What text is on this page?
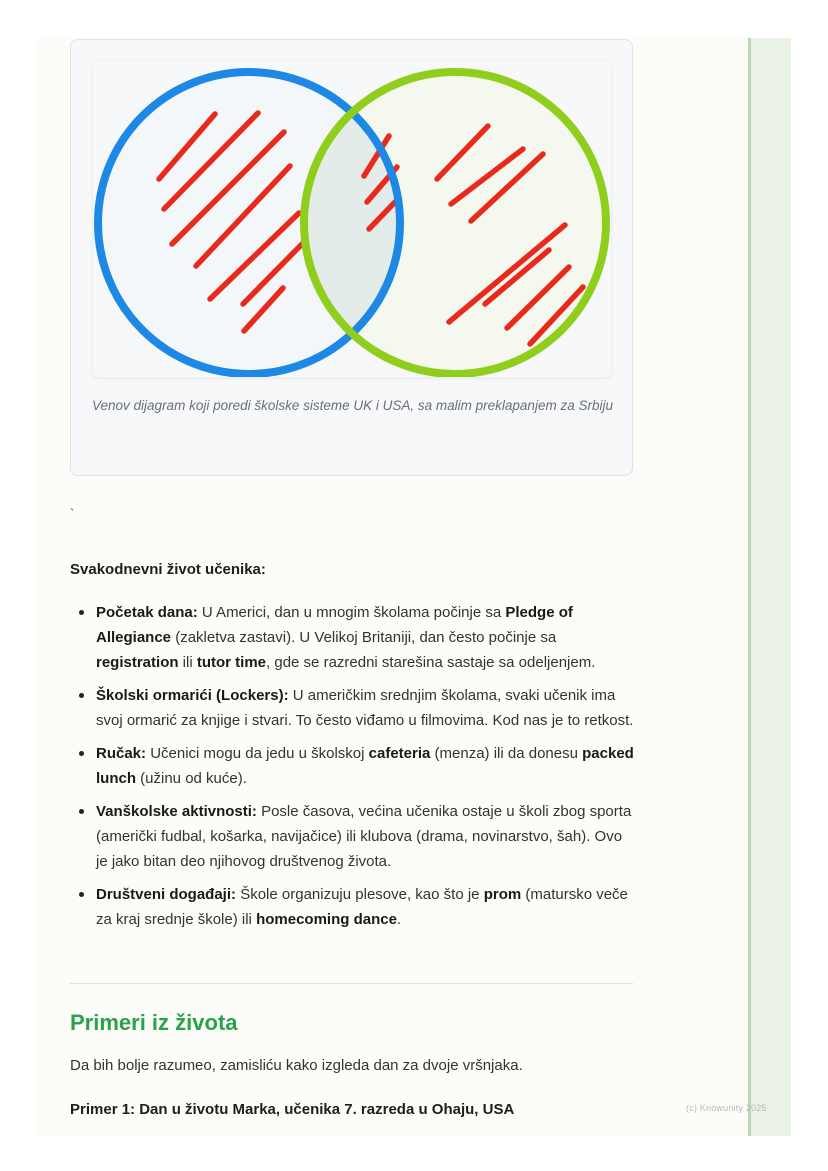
Venov dijagram koji poredi školske sisteme UK i USA, sa malim preklapanjem za Srbiju
`
Svakodnevni život učenika:
Početak dana: U Americi, dan u mnogim školama počinje sa Pledge of Allegiance (zakletva zastavi). U Velikoj Britaniji, dan često počinje sa registration ili tutor time, gde se razredni starešina sastaje sa odeljenjem.
Školski ormarići (Lockers): U američkim srednjim školama, svaki učenik ima svoj ormarić za knjige i stvari. To često viđamo u filmovima. Kod nas je to retkost.
Ručak: Učenici mogu da jedu u školskoj cafeteria (menza) ili da donesu packed lunch (užinu od kuće).
Vanškolske aktivnosti: Posle časova, većina učenika ostaje u školi zbog sporta (američki fudbal, košarka, navijačice) ili klubova (drama, novinarstvo, šah). Ovo je jako bitan deo njihovog društvenog života.
Društveni događaji: Škole organizuju plesove, kao što je prom (matursko veče za kraj srednje škole) ili homecoming dance.
Primeri iz života
Da bih bolje razumeo, zamisliću kako izgleda dan za dvoje vršnjaka.
Primer 1: Dan u životu Marka, učenika 7. razreda u Ohaju, USA	(c) Knowunity 2025
